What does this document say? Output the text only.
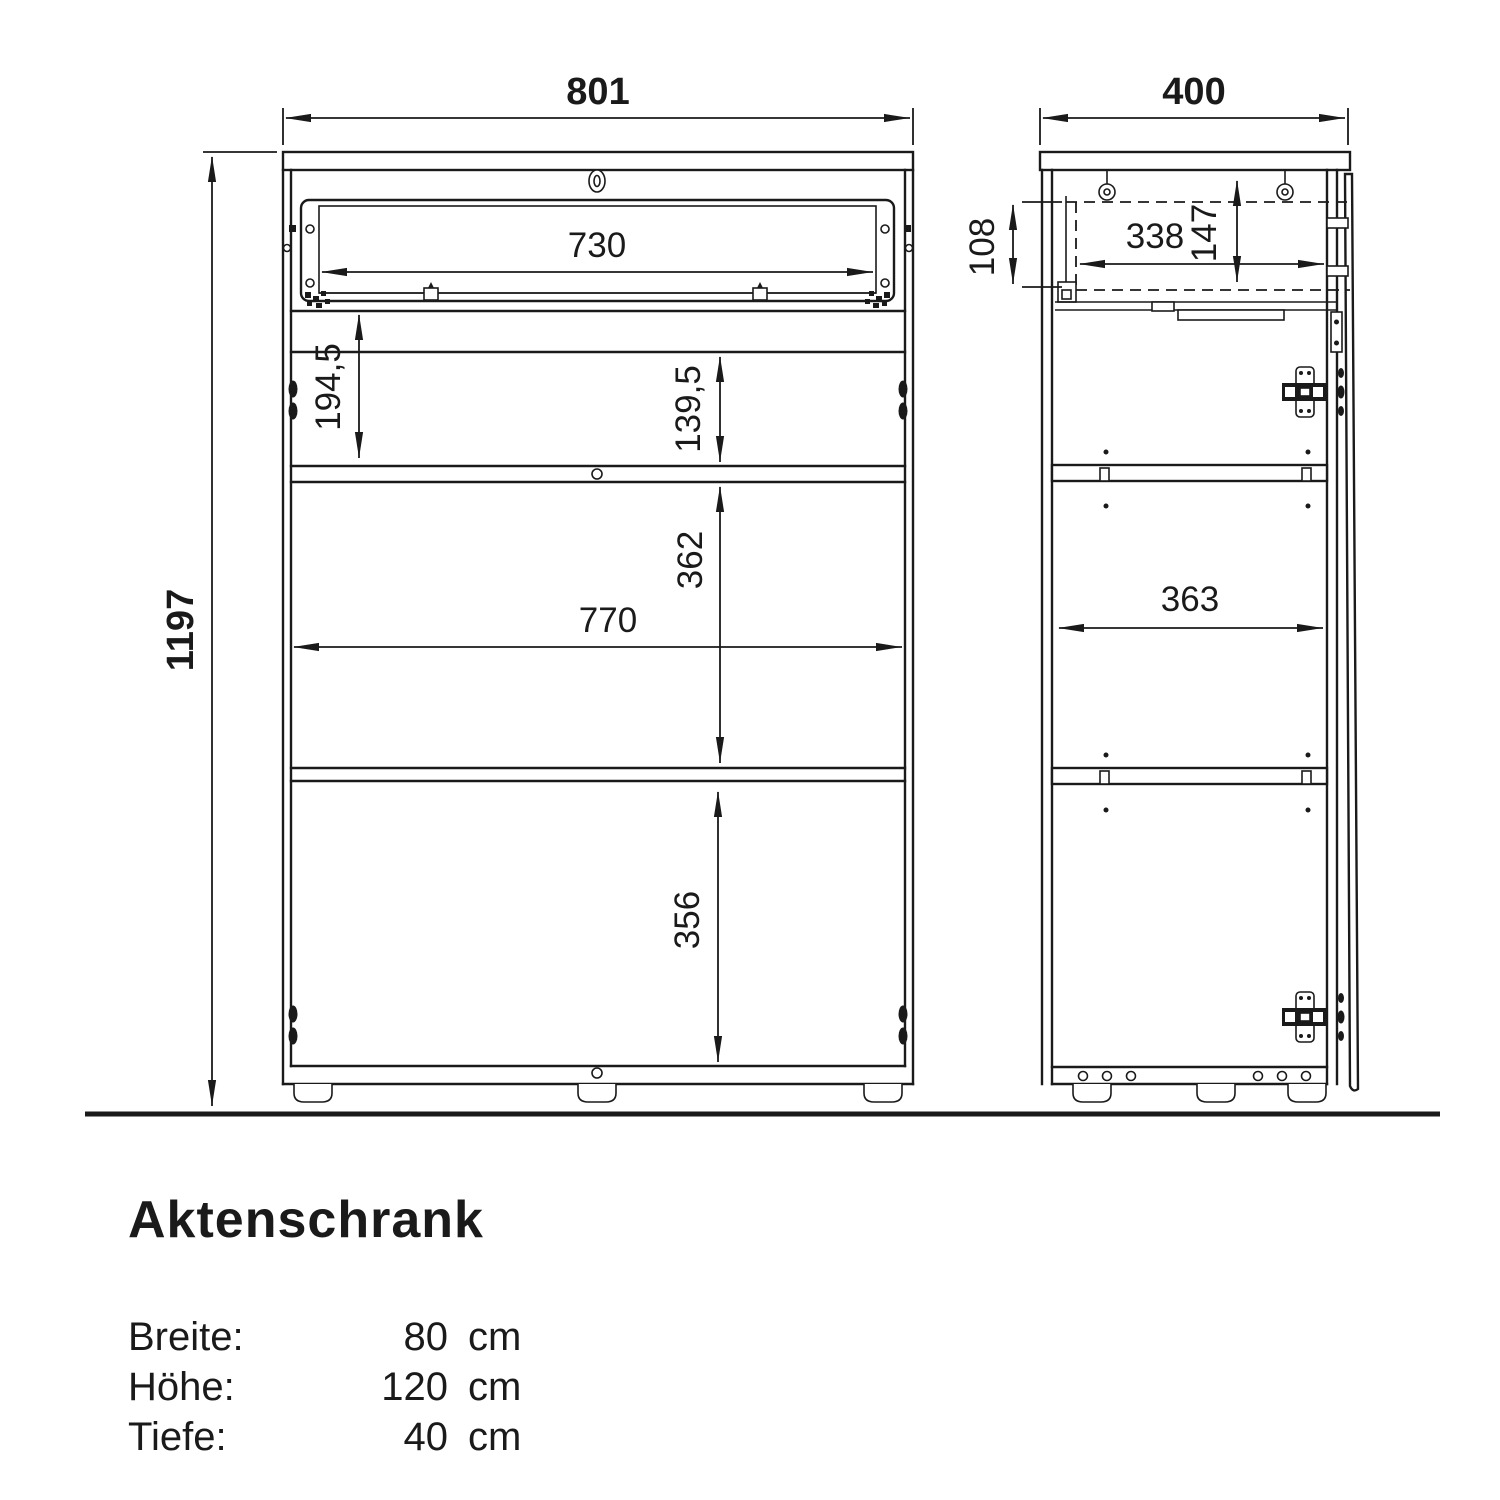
801
1197
730
194,5	139,5
362
770
356
400
108	338 147
363
Aktenschrank
Breite:	80 cm
Höhe:	120 cm
Tiefe:	40 cm
